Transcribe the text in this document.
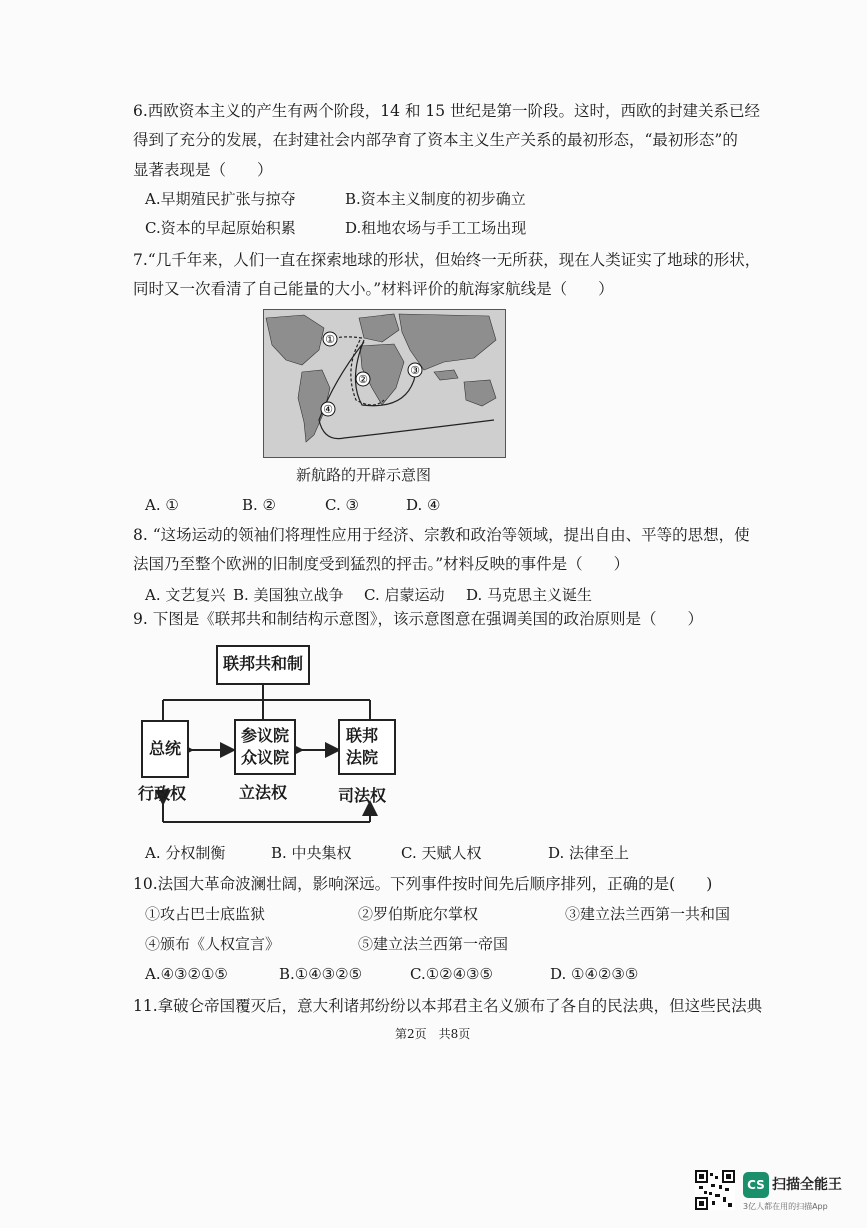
6.西欧资本主义的产生有两个阶段，14 和 15 世纪是第一阶段。这时，西欧的封建关系已经
得到了充分的发展，在封建社会内部孕育了资本主义生产关系的最初形态，“最初形态”的
显著表现是（　　）
A.早期殖民扩张与掠夺	B.资本主义制度的初步确立
C.资本的早起原始积累	D.租地农场与手工工场出现
7.“几千年来，人们一直在探索地球的形状，但始终一无所获，现在人类证实了地球的形状，
同时又一次看清了自己能量的大小。”材料评价的航海家航线是（　　）
①
②
③
④
新航路的开辟示意图
A. ①	B. ②	C. ③	D. ④
8. “这场运动的领袖们将理性应用于经济、宗教和政治等领域，提出自由、平等的思想，使
法国乃至整个欧洲的旧制度受到猛烈的抨击。”材料反映的事件是（　　）
A. 文艺复兴 B. 美国独立战争 C. 启蒙运动 D. 马克思主义诞生
9. 下图是《联邦共和制结构示意图》，该示意图意在强调美国的政治原则是（　　）
联邦共和制
总统
参议院
众议院
联邦
法院
行政权	立法权	司法权
A. 分权制衡	B. 中央集权	C. 天赋人权	D. 法律至上
10.法国大革命波澜壮阔，影响深远。下列事件按时间先后顺序排列，正确的是(　　)
①攻占巴士底监狱	②罗伯斯庇尔掌权	③建立法兰西第一共和国
④颁布《人权宣言》	⑤建立法兰西第一帝国
A.④③②①⑤	B.①④③②⑤	C.①②④③⑤	D. ①④②③⑤
11.拿破仑帝国覆灭后，意大利诸邦纷纷以本邦君主名义颁布了各自的民法典，但这些民法典
第2页　共8页
CS 扫描全能王
3亿人都在用的扫描App
